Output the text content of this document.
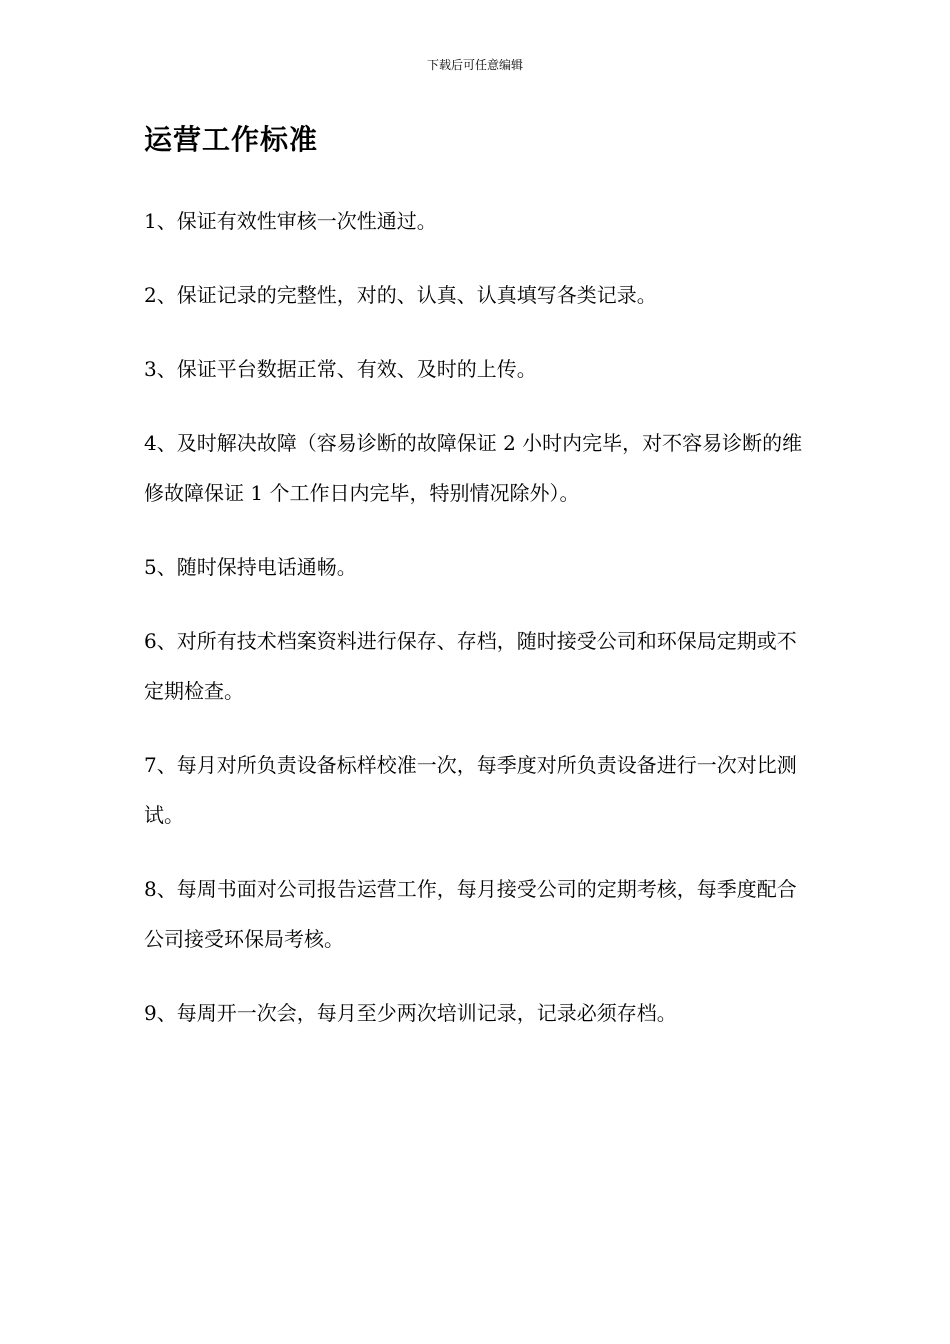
下载后可任意编辑
运营工作标准
1、保证有效性审核一次性通过。
2、保证记录的完整性，对的、认真、认真填写各类记录。
3、保证平台数据正常、有效、及时的上传。
4、及时解决故障（容易诊断的故障保证 2 小时内完毕，对不容易诊断的维修故障保证 1 个工作日内完毕，特别情况除外）。
5、随时保持电话通畅。
6、对所有技术档案资料进行保存、存档，随时接受公司和环保局定期或不定期检查。
7、每月对所负责设备标样校准一次，每季度对所负责设备进行一次对比测试。
8、每周书面对公司报告运营工作，每月接受公司的定期考核，每季度配合公司接受环保局考核。
9、每周开一次会，每月至少两次培训记录，记录必须存档。
